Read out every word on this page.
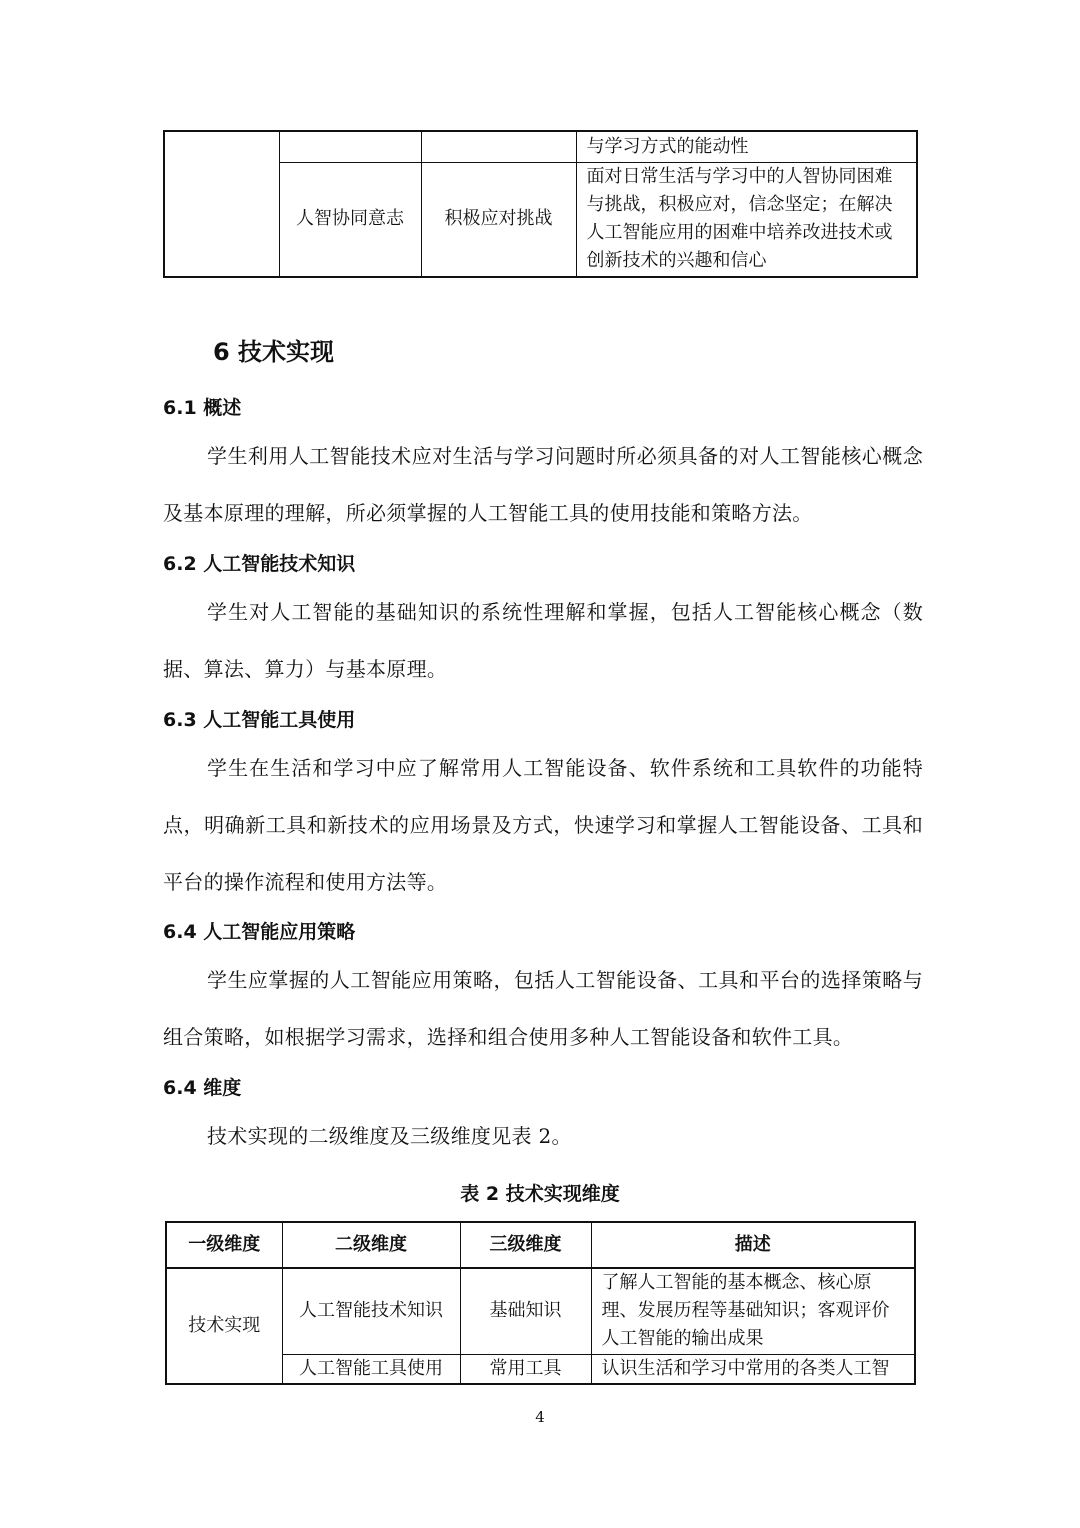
			与学习方式的能动性
	人智协同意志	积极应对挑战	面对日常生活与学习中的人智协同困难与挑战，积极应对，信念坚定；在解决人工智能应用的困难中培养改进技术或创新技术的兴趣和信心
6 技术实现
6.1 概述
学生利用人工智能技术应对生活与学习问题时所必须具备的对人工智能核心概念及基本原理的理解，所必须掌握的人工智能工具的使用技能和策略方法。
6.2 人工智能技术知识
学生对人工智能的基础知识的系统性理解和掌握，包括人工智能核心概念（数据、算法、算力）与基本原理。
6.3 人工智能工具使用
学生在生活和学习中应了解常用人工智能设备、软件系统和工具软件的功能特点，明确新工具和新技术的应用场景及方式，快速学习和掌握人工智能设备、工具和平台的操作流程和使用方法等。
6.4 人工智能应用策略
学生应掌握的人工智能应用策略，包括人工智能设备、工具和平台的选择策略与组合策略，如根据学习需求，选择和组合使用多种人工智能设备和软件工具。
6.4 维度
技术实现的二级维度及三级维度见表 2。
表 2 技术实现维度
一级维度	二级维度	三级维度	描述
技术实现	人工智能技术知识	基础知识	了解人工智能的基本概念、核心原理、发展历程等基础知识；客观评价人工智能的输出成果
	人工智能工具使用	常用工具	认识生活和学习中常用的各类人工智
4
